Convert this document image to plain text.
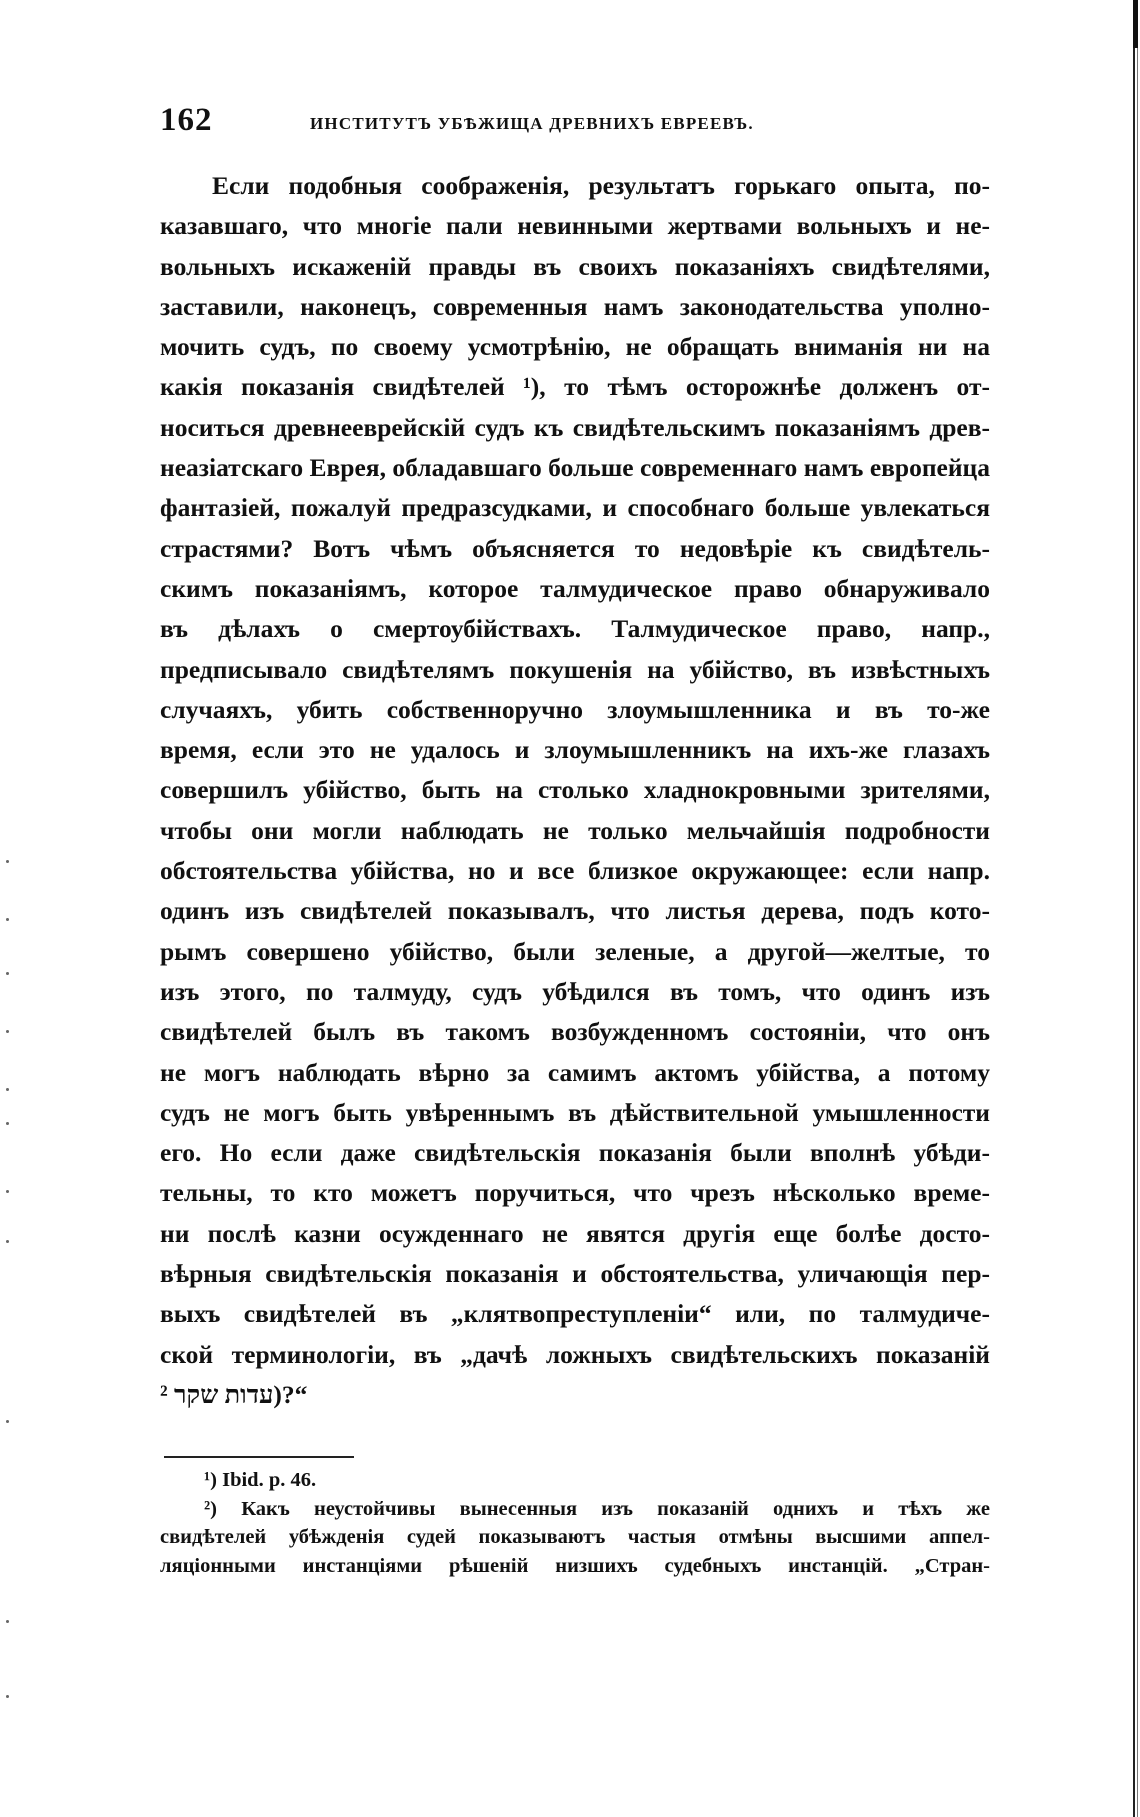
162	ИНСТИТУТЪ УБѢЖИЩА ДРЕВНИХЪ ЕВРЕЕВЪ.
Если подобныя соображенія, результатъ горькаго опыта, по-
казавшаго, что многіе пали невинными жертвами вольныхъ и не-
вольныхъ искаженій правды въ своихъ показаніяхъ свидѣтелями,
заставили, наконецъ, современныя намъ законодательства уполно-
мочить судъ, по своему усмотрѣнію, не обращать вниманія ни на
какія показанія свидѣтелей ¹), то тѣмъ осторожнѣе долженъ от-
носиться древнееврейскій судъ къ свидѣтельскимъ показаніямъ древ-
неазіатскаго Еврея, обладавшаго больше современнаго намъ европейца
фантазіей, пожалуй предразсудками, и способнаго больше увлекаться
страстями? Вотъ чѣмъ объясняется то недовѣріе къ свидѣтель-
скимъ показаніямъ, которое талмудическое право обнаруживало
въ дѣлахъ о смертоубійствахъ. Талмудическое право, напр.,
предписывало свидѣтелямъ покушенія на убійство, въ извѣстныхъ
случаяхъ, убить собственноручно злоумышленника и въ то-же
время, если это не удалось и злоумышленникъ на ихъ-же глазахъ
совершилъ убійство, быть на столько хладнокровными зрителями,
чтобы они могли наблюдать не только мельчайшія подробности
обстоятельства убійства, но и все близкое окружающее: если напр.
одинъ изъ свидѣтелей показывалъ, что листья дерева, подъ кото-
рымъ совершено убійство, были зеленые, а другой—желтые, то
изъ этого, по талмуду, судъ убѣдился въ томъ, что одинъ изъ
свидѣтелей былъ въ такомъ возбужденномъ состояніи, что онъ
не могъ наблюдать вѣрно за самимъ актомъ убійства, а потому
судъ не могъ быть увѣреннымъ въ дѣйствительной умышленности
его. Но если даже свидѣтельскія показанія были вполнѣ убѣди-
тельны, то кто можетъ поручиться, что чрезъ нѣсколько време-
ни послѣ казни осужденнаго не явятся другія еще болѣе досто-
вѣрныя свидѣтельскія показанія и обстоятельства, уличающія пер-
выхъ свидѣтелей въ „клятвопреступленіи“ или, по талмудиче-
ской терминологіи, въ „дачѣ ложныхъ свидѣтельскихъ показаній
עדות שקר ²)?“
¹) Ibid. p. 46.
²) Какъ неустойчивы вынесенныя изъ показаній однихъ и тѣхъ же
свидѣтелей убѣжденія судей показываютъ частыя отмѣны высшими аппел-
ляціонными инстанціями рѣшеній низшихъ судебныхъ инстанцій. „Стран-
